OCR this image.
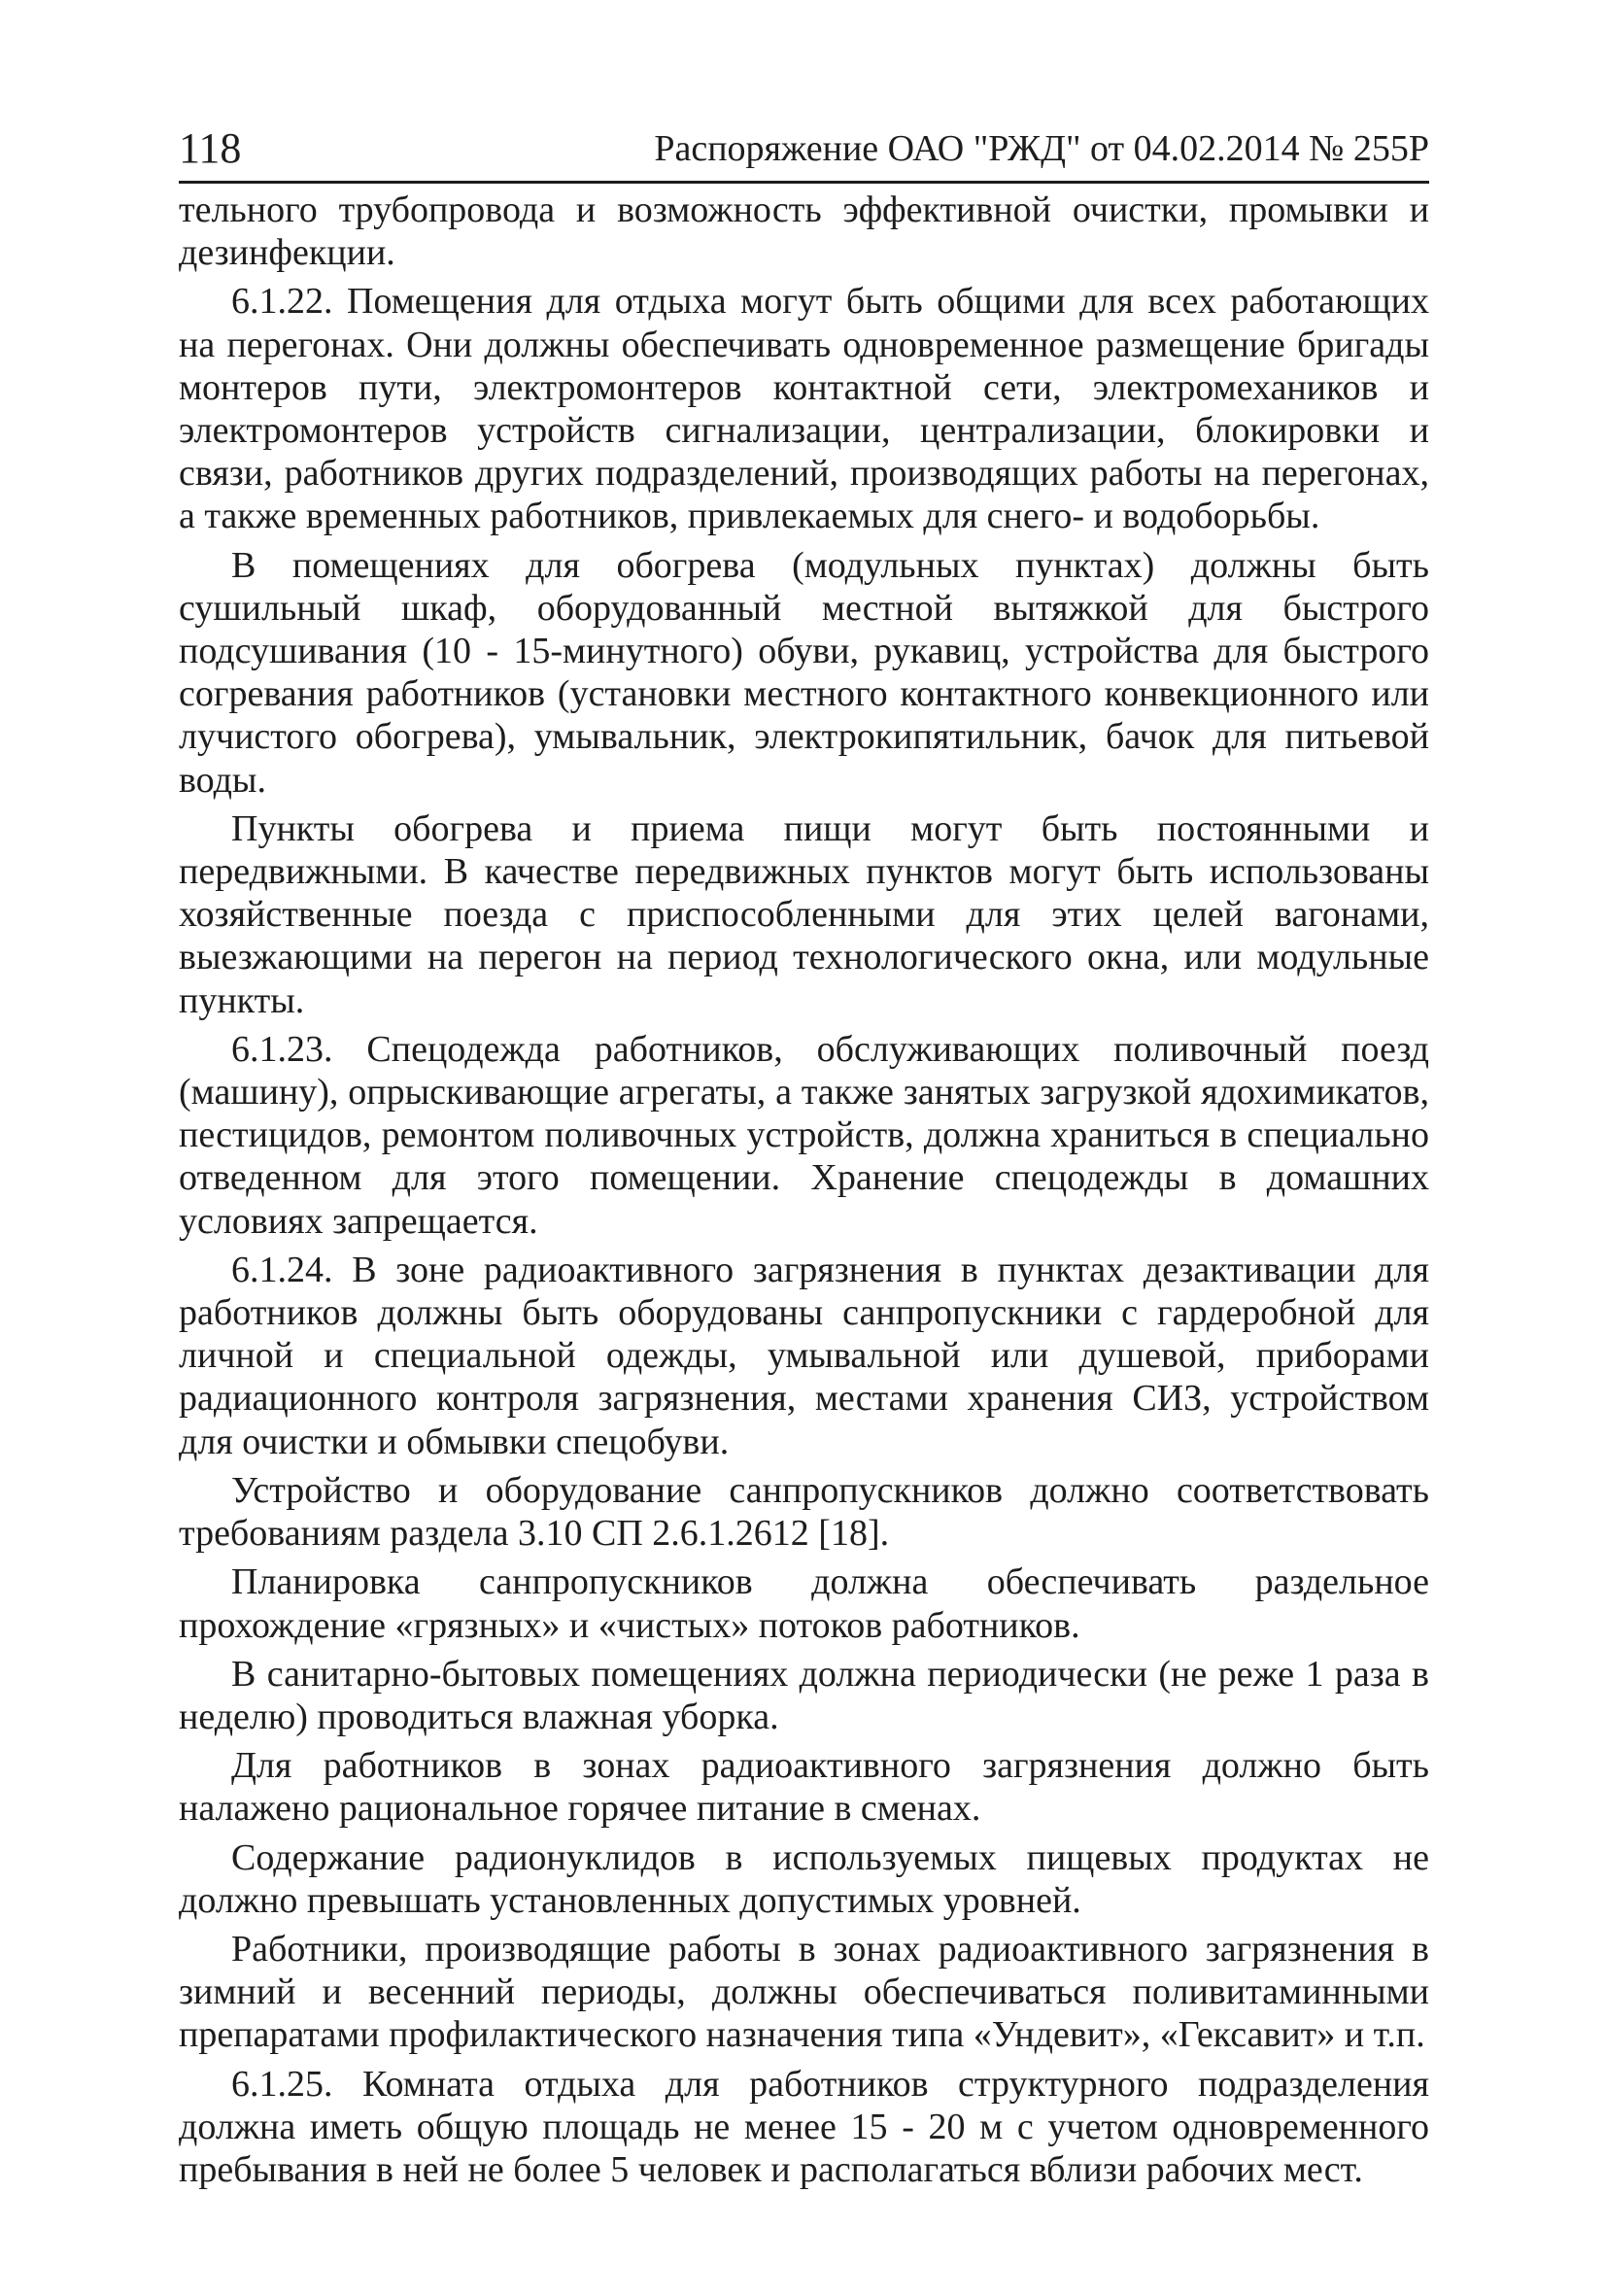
118	Распоряжение ОАО "РЖД" от 04.02.2014 № 255Р

тельного трубопровода и возможность эффективной очистки, промывки и дезинфекции.

6.1.22. Помещения для отдыха могут быть общими для всех работающих на перегонах. Они должны обеспечивать одновременное размещение бригады монтеров пути, электромонтеров контактной сети, электромехаников и электромонтеров устройств сигнализации, централизации, блокировки и связи, работников других подразделений, производящих работы на перегонах, а также временных работников, привлекаемых для снего- и водоборьбы.

В помещениях для обогрева (модульных пунктах) должны быть сушильный шкаф, оборудованный местной вытяжкой для быстрого подсушивания (10 - 15-минутного) обуви, рукавиц, устройства для быстрого согревания работников (установки местного контактного конвекционного или лучистого обогрева), умывальник, электрокипятильник, бачок для питьевой воды.

Пункты обогрева и приема пищи могут быть постоянными и передвижными. В качестве передвижных пунктов могут быть использованы хозяйственные поезда с приспособленными для этих целей вагонами, выезжающими на перегон на период технологического окна, или модульные пункты.

6.1.23. Спецодежда работников, обслуживающих поливочный поезд (машину), опрыскивающие агрегаты, а также занятых загрузкой ядохимикатов, пестицидов, ремонтом поливочных устройств, должна храниться в специально отведенном для этого помещении. Хранение спецодежды в домашних условиях запрещается.

6.1.24. В зоне радиоактивного загрязнения в пунктах дезактивации для работников должны быть оборудованы санпропускники с гардеробной для личной и специальной одежды, умывальной или душевой, приборами радиационного контроля загрязнения, местами хранения СИЗ, устройством для очистки и обмывки спецобуви.

Устройство и оборудование санпропускников должно соответствовать требованиям раздела 3.10 СП 2.6.1.2612 [18].

Планировка санпропускников должна обеспечивать раздельное прохождение «грязных» и «чистых» потоков работников.

В санитарно-бытовых помещениях должна периодически (не реже 1 раза в неделю) проводиться влажная уборка.

Для работников в зонах радиоактивного загрязнения должно быть налажено рациональное горячее питание в сменах.

Содержание радионуклидов в используемых пищевых продуктах не должно превышать установленных допустимых уровней.

Работники, производящие работы в зонах радиоактивного загрязнения в зимний и весенний периоды, должны обеспечиваться поливитаминными препаратами профилактического назначения типа «Ундевит», «Гексавит» и т.п.

6.1.25. Комната отдыха для работников структурного подразделения должна иметь общую площадь не менее 15 - 20 м с учетом одновременного пребывания в ней не более 5 человек и располагаться вблизи рабочих мест.
